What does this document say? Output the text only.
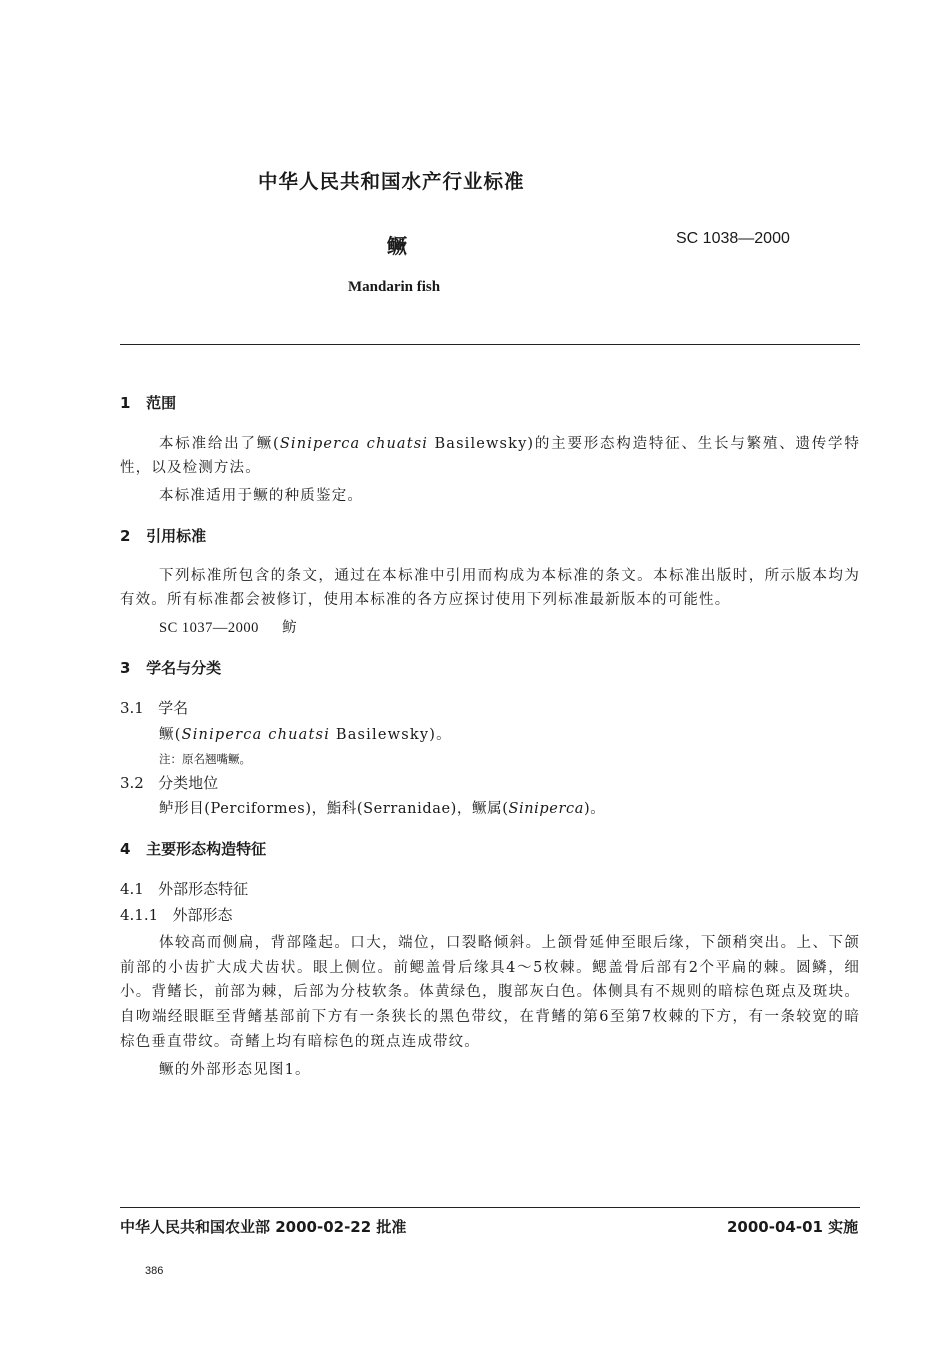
中华人民共和国水产行业标准
鳜	SC 1038—2000
Mandarin fish
1 范围
本标准给出了鳜(Siniperca chuatsi Basilewsky)的主要形态构造特征、生长与繁殖、遗传学特性，以及检测方法。
本标准适用于鳜的种质鉴定。
2 引用标准
下列标准所包含的条文，通过在本标准中引用而构成为本标准的条文。本标准出版时，所示版本均为有效。所有标准都会被修订，使用本标准的各方应探讨使用下列标准最新版本的可能性。
SC 1037—2000 鲂
3 学名与分类
3.1 学名
鳜(Siniperca chuatsi Basilewsky)。
注：原名翘嘴鳜。
3.2 分类地位
鲈形目(Perciformes)，鮨科(Serranidae)，鳜属(Siniperca)。
4 主要形态构造特征
4.1 外部形态特征
4.1.1 外部形态
体较高而侧扁，背部隆起。口大，端位，口裂略倾斜。上颌骨延伸至眼后缘，下颌稍突出。上、下颌前部的小齿扩大成犬齿状。眼上侧位。前鳃盖骨后缘具4～5枚棘。鳃盖骨后部有2个平扁的棘。圆鳞，细小。背鳍长，前部为棘，后部为分枝软条。体黄绿色，腹部灰白色。体侧具有不规则的暗棕色斑点及斑块。自吻端经眼眶至背鳍基部前下方有一条狭长的黑色带纹，在背鳍的第6至第7枚棘的下方，有一条较宽的暗棕色垂直带纹。奇鳍上均有暗棕色的斑点连成带纹。
鳜的外部形态见图1。
中华人民共和国农业部 2000-02-22 批准	2000-04-01 实施
386
